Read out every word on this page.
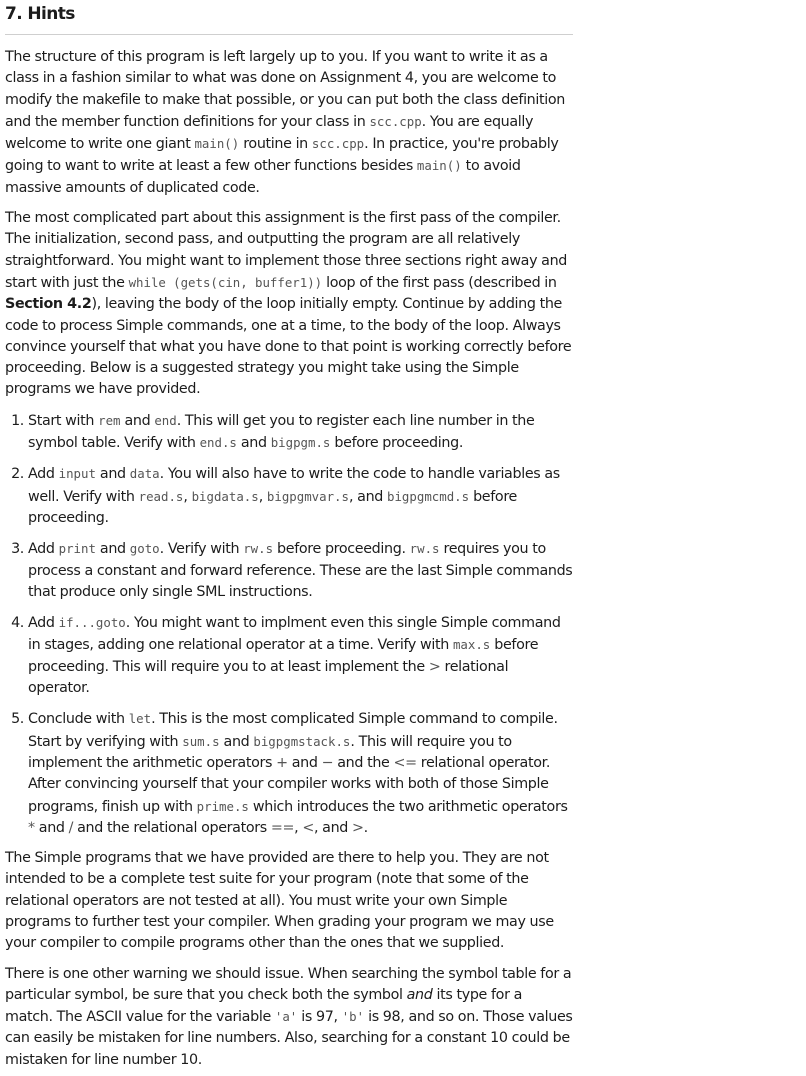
7. Hints

The structure of this program is left largely up to you. If you want to write it as a class in a fashion similar to what was done on Assignment 4, you are welcome to modify the makefile to make that possible, or you can put both the class definition and the member function definitions for your class in scc.cpp. You are equally welcome to write one giant main() routine in scc.cpp. In practice, you're probably going to want to write at least a few other functions besides main() to avoid massive amounts of duplicated code.

The most complicated part about this assignment is the first pass of the compiler. The initialization, second pass, and outputting the program are all relatively straightforward. You might want to implement those three sections right away and start with just the while (gets(cin, buffer1)) loop of the first pass (described in Section 4.2), leaving the body of the loop initially empty. Continue by adding the code to process Simple commands, one at a time, to the body of the loop. Always convince yourself that what you have done to that point is working correctly before proceeding. Below is a suggested strategy you might take using the Simple programs we have provided.

1. Start with rem and end. This will get you to register each line number in the symbol table. Verify with end.s and bigpgm.s before proceeding.
2. Add input and data. You will also have to write the code to handle variables as well. Verify with read.s, bigdata.s, bigpgmvar.s, and bigpgmcmd.s before proceeding.
3. Add print and goto. Verify with rw.s before proceeding. rw.s requires you to process a constant and forward reference. These are the last Simple commands that produce only single SML instructions.
4. Add if...goto. You might want to implment even this single Simple command in stages, adding one relational operator at a time. Verify with max.s before proceeding. This will require you to at least implement the > relational operator.
5. Conclude with let. This is the most complicated Simple command to compile. Start by verifying with sum.s and bigpgmstack.s. This will require you to implement the arithmetic operators + and − and the <= relational operator. After convincing yourself that your compiler works with both of those Simple programs, finish up with prime.s which introduces the two arithmetic operators * and / and the relational operators ==, <, and >.

The Simple programs that we have provided are there to help you. They are not intended to be a complete test suite for your program (note that some of the relational operators are not tested at all). You must write your own Simple programs to further test your compiler. When grading your program we may use your compiler to compile programs other than the ones that we supplied.

There is one other warning we should issue. When searching the symbol table for a particular symbol, be sure that you check both the symbol and its type for a match. The ASCII value for the variable 'a' is 97, 'b' is 98, and so on. Those values can easily be mistaken for line numbers. Also, searching for a constant 10 could be mistaken for line number 10.
